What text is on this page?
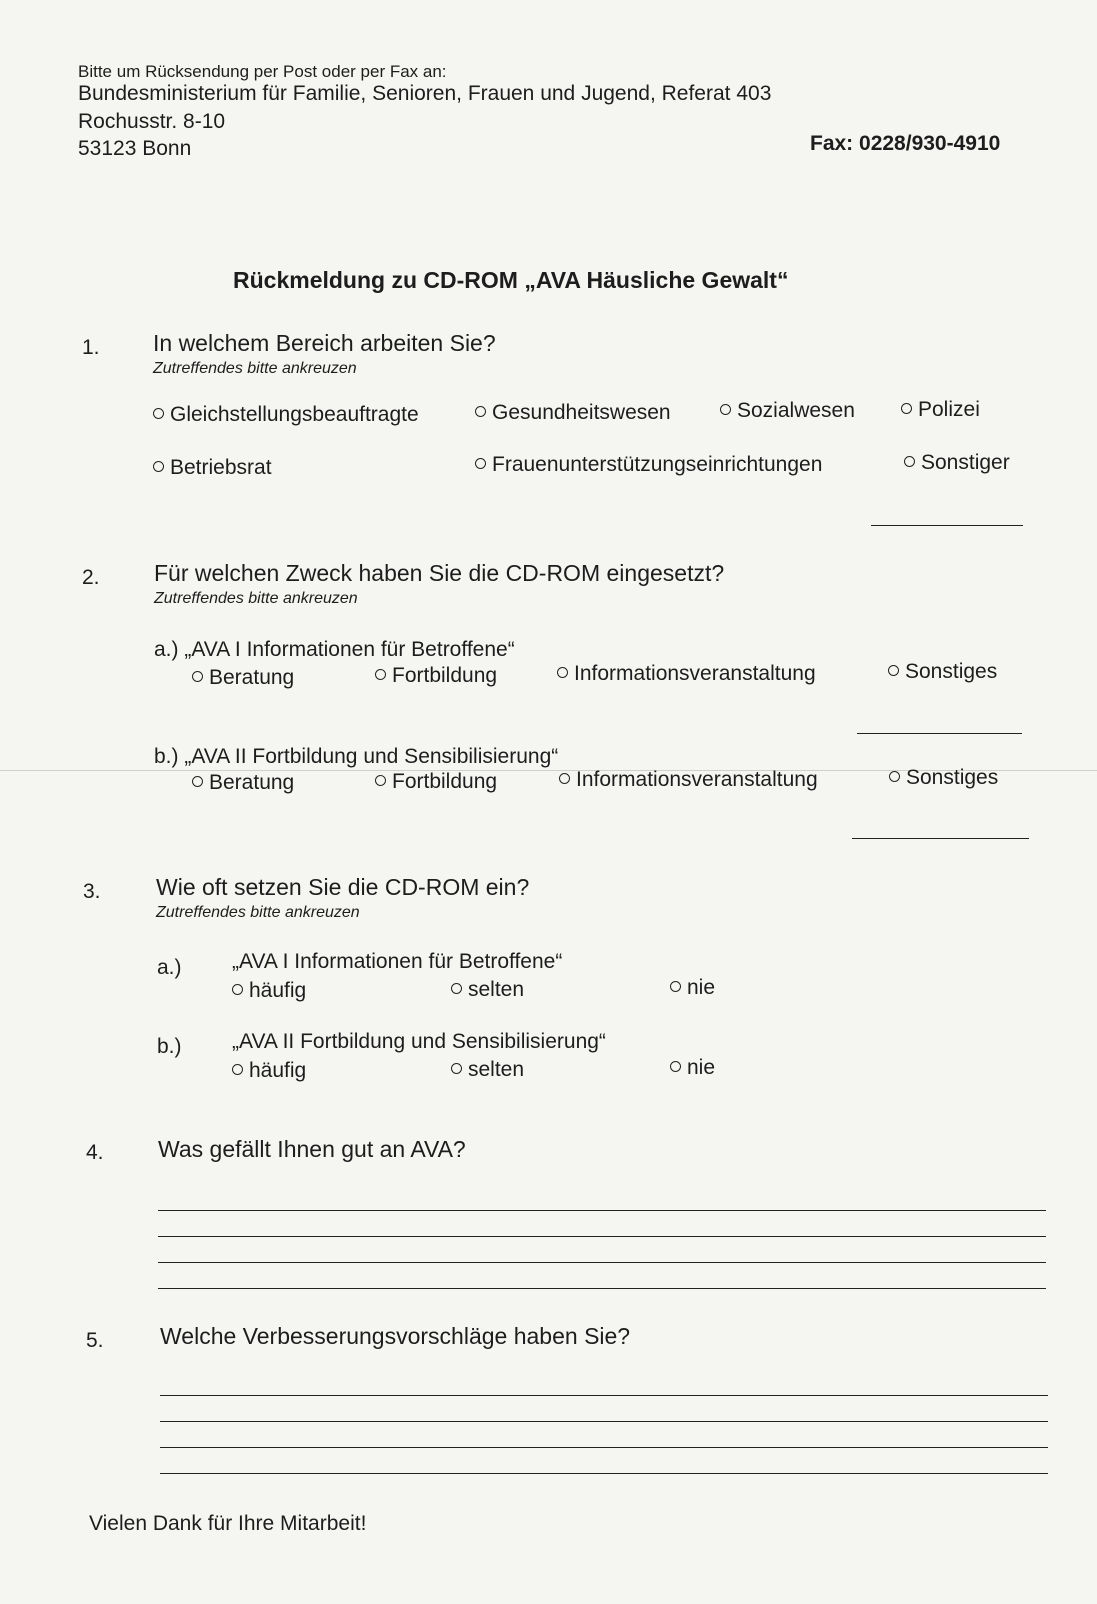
Bitte um Rücksendung per Post oder per Fax an:
Bundesministerium für Familie, Senioren, Frauen und Jugend, Referat 403
Rochusstr. 8-10
53123 Bonn	Fax: 0228/930-4910
Rückmeldung zu CD-ROM „AVA Häusliche Gewalt“
1. In welchem Bereich arbeiten Sie?
Zutreffendes bitte ankreuzen
Gleichstellungsbeauftragte	Gesundheitswesen	Sozialwesen	Polizei
Betriebsrat	Frauenunterstützungseinrichtungen	Sonstiger
2. Für welchen Zweck haben Sie die CD-ROM eingesetzt?
Zutreffendes bitte ankreuzen
a.) „AVA I Informationen für Betroffene“
Beratung	Fortbildung	Informationsveranstaltung	Sonstiges
b.) „AVA II Fortbildung und Sensibilisierung“
Beratung	Fortbildung	Informationsveranstaltung	Sonstiges
3. Wie oft setzen Sie die CD-ROM ein?
Zutreffendes bitte ankreuzen
a.) „AVA I Informationen für Betroffene“
häufig	selten	nie
b.) „AVA II Fortbildung und Sensibilisierung“
häufig	selten	nie
4. Was gefällt Ihnen gut an AVA?
5. Welche Verbesserungsvorschläge haben Sie?
Vielen Dank für Ihre Mitarbeit!
